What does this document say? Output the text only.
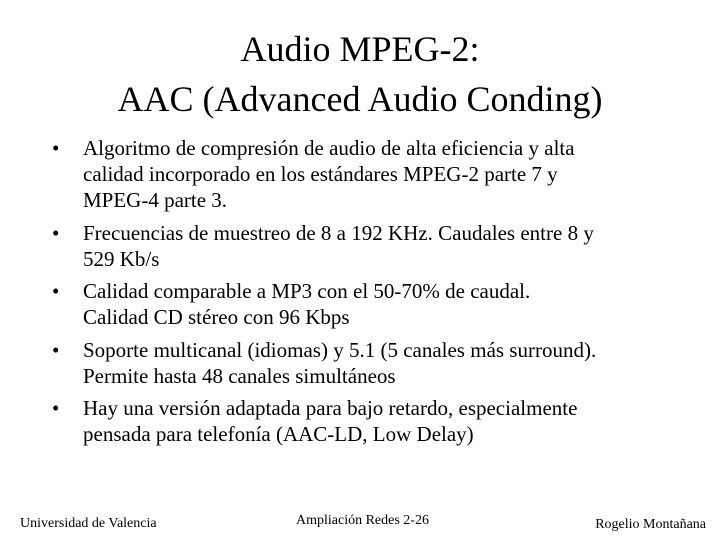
Audio MPEG-2:
AAC (Advanced Audio Conding)
•	Algoritmo de compresión de audio de alta eficiencia y alta
calidad incorporado en los estándares MPEG-2 parte 7 y
MPEG-4 parte 3.
•	Frecuencias de muestreo de 8 a 192 KHz. Caudales entre 8 y
529 Kb/s
•	Calidad comparable a MP3 con el 50-70% de caudal.
Calidad CD stéreo con 96 Kbps
•	Soporte multicanal (idiomas) y 5.1 (5 canales más surround).
Permite hasta 48 canales simultáneos
•	Hay una versión adaptada para bajo retardo, especialmente
pensada para telefonía (AAC-LD, Low Delay)
Universidad de Valencia	Ampliación Redes 2-26	Rogelio Montañana
